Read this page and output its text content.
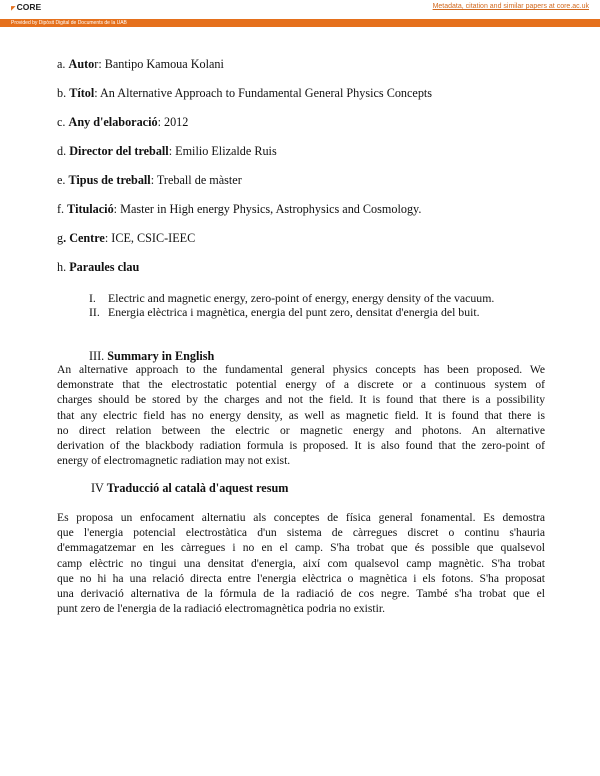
◤ CORE	Metadata, citation and similar papers at core.ac.uk
Provided by Dipòsit Digital de Documents de la UAB
a. Autor: Bantipo Kamoua Kolani
b. Títol: An Alternative Approach to Fundamental General Physics Concepts
c. Any d'elaboració: 2012
d. Director del treball: Emilio Elizalde Ruis
e. Tipus de treball: Treball de màster
f. Titulació: Master in High energy Physics, Astrophysics and Cosmology.
g. Centre: ICE, CSIC-IEEC
h. Paraules clau
I. Electric and magnetic energy, zero-point of energy, energy density of the vacuum.
II. Energia elèctrica i magnètica, energia del punt zero, densitat d'energia del buit.
III. Summary in English
An alternative approach to the fundamental general physics concepts has been proposed. We
demonstrate that the electrostatic potential energy of a discrete or a continuous system of
charges should be stored by the charges and not the field. It is found that there is a possibility
that any electric field has no energy density, as well as magnetic field. It is found that there is
no direct relation between the electric or magnetic energy and photons. An alternative
derivation of the blackbody radiation formula is proposed. It is also found that the zero-point of
energy of electromagnetic radiation may not exist.
IV Traducció al català d'aquest resum
Es proposa un enfocament alternatiu als conceptes de física general fonamental. Es demostra
que l'energia potencial electrostàtica d'un sistema de càrregues discret o continu s'hauria
d'emmagatzemar en les càrregues i no en el camp. S'ha trobat que és possible que qualsevol
camp elèctric no tingui una densitat d'energia, així com qualsevol camp magnètic. S'ha trobat
que no hi ha una relació directa entre l'energia elèctrica o magnètica i els fotons. S'ha proposat
una derivació alternativa de la fórmula de la radiació de cos negre. També s'ha trobat que el
punt zero de l'energia de la radiació electromagnètica podria no existir.
